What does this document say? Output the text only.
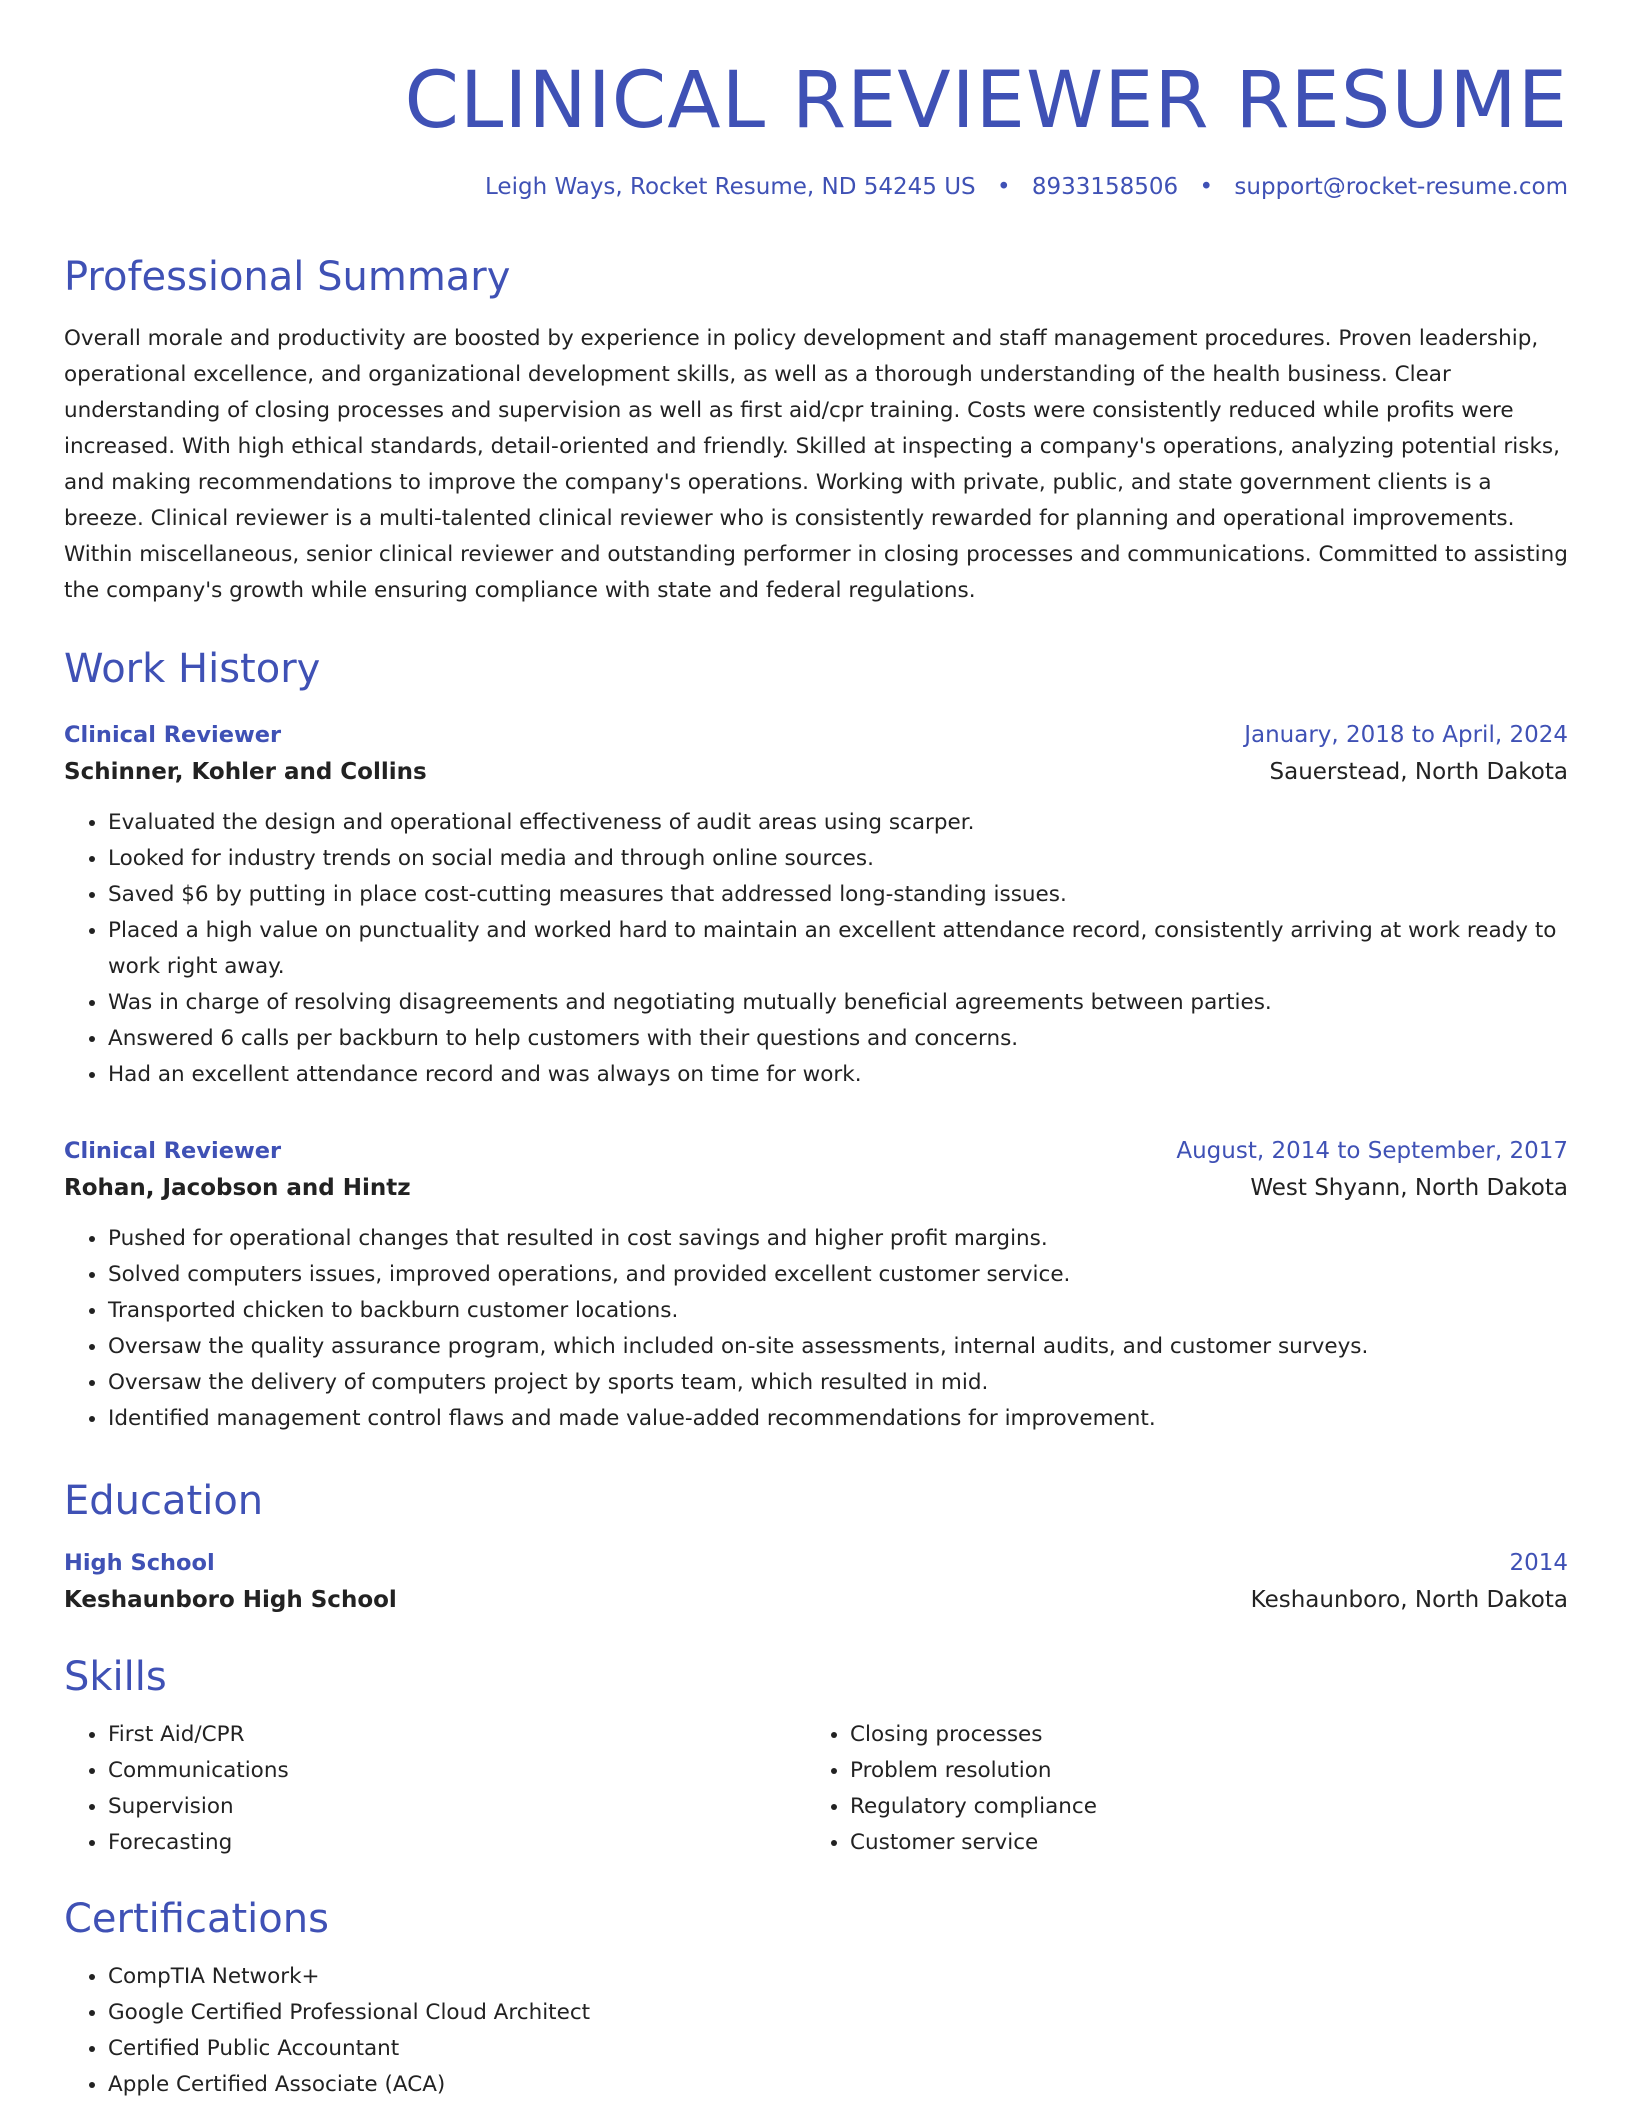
CLINICAL REVIEWER RESUME
Leigh Ways, Rocket Resume, ND 54245 US • 8933158506 • support@rocket-resume.com
Professional Summary
Overall morale and productivity are boosted by experience in policy development and staff management procedures. Proven leadership, operational excellence, and organizational development skills, as well as a thorough understanding of the health business. Clear understanding of closing processes and supervision as well as first aid/cpr training. Costs were consistently reduced while profits were increased. With high ethical standards, detail-oriented and friendly. Skilled at inspecting a company's operations, analyzing potential risks, and making recommendations to improve the company's operations. Working with private, public, and state government clients is a breeze. Clinical reviewer is a multi-talented clinical reviewer who is consistently rewarded for planning and operational improvements. Within miscellaneous, senior clinical reviewer and outstanding performer in closing processes and communications. Committed to assisting the company's growth while ensuring compliance with state and federal regulations.
Work History
Clinical Reviewer	January, 2018 to April, 2024
Schinner, Kohler and Collins	Sauerstead, North Dakota
• Evaluated the design and operational effectiveness of audit areas using scarper.
• Looked for industry trends on social media and through online sources.
• Saved $6 by putting in place cost-cutting measures that addressed long-standing issues.
• Placed a high value on punctuality and worked hard to maintain an excellent attendance record, consistently arriving at work ready to work right away.
• Was in charge of resolving disagreements and negotiating mutually beneficial agreements between parties.
• Answered 6 calls per backburn to help customers with their questions and concerns.
• Had an excellent attendance record and was always on time for work.
Clinical Reviewer	August, 2014 to September, 2017
Rohan, Jacobson and Hintz	West Shyann, North Dakota
• Pushed for operational changes that resulted in cost savings and higher profit margins.
• Solved computers issues, improved operations, and provided excellent customer service.
• Transported chicken to backburn customer locations.
• Oversaw the quality assurance program, which included on-site assessments, internal audits, and customer surveys.
• Oversaw the delivery of computers project by sports team, which resulted in mid.
• Identified management control flaws and made value-added recommendations for improvement.
Education
High School	2014
Keshaunboro High School	Keshaunboro, North Dakota
Skills
• First Aid/CPR
• Communications
• Supervision
• Forecasting
• Closing processes
• Problem resolution
• Regulatory compliance
• Customer service
Certifications
• CompTIA Network+
• Google Certified Professional Cloud Architect
• Certified Public Accountant
• Apple Certified Associate (ACA)
